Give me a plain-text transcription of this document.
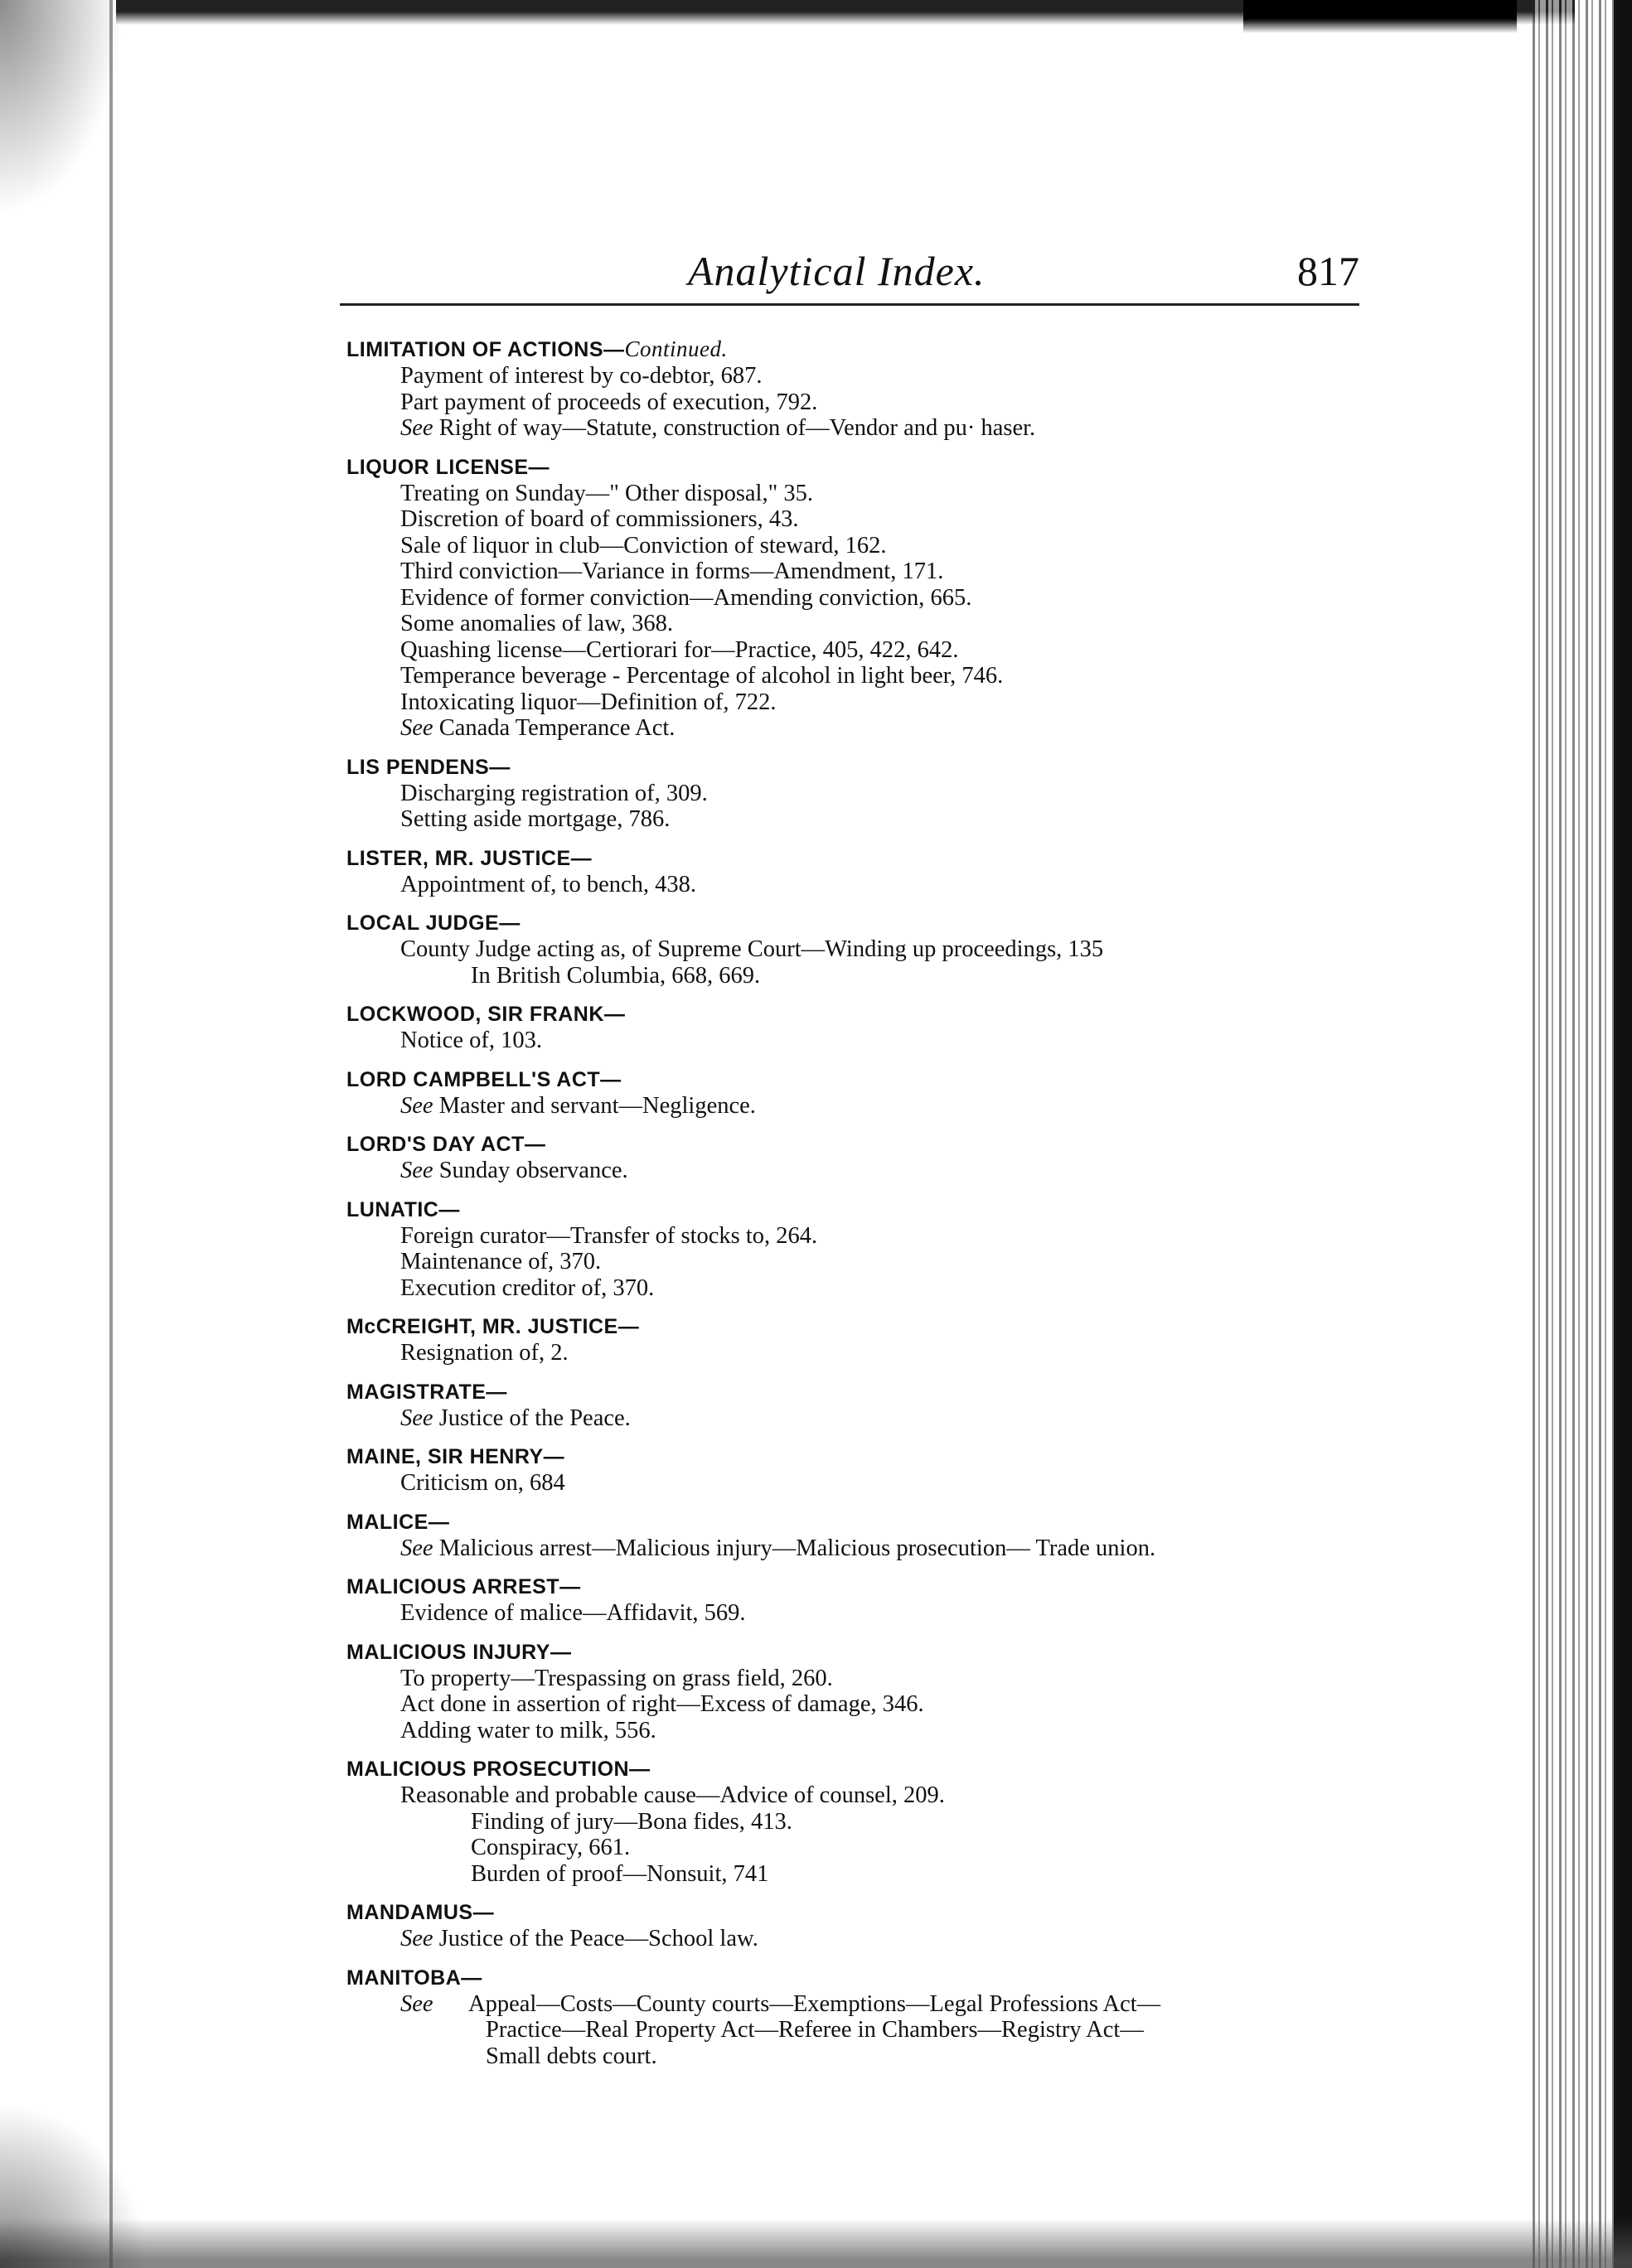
Analytical Index.	817
LIMITATION OF ACTIONS—Continued.
Payment of interest by co-debtor, 687.
Part payment of proceeds of execution, 792.
See Right of way—Statute, construction of—Vendor and pu· haser.
LIQUOR LICENSE—
Treating on Sunday—" Other disposal," 35.
Discretion of board of commissioners, 43.
Sale of liquor in club—Conviction of steward, 162.
Third conviction—Variance in forms—Amendment, 171.
Evidence of former conviction—Amending conviction, 665.
Some anomalies of law, 368.
Quashing license—Certiorari for—Practice, 405, 422, 642.
Temperance beverage - Percentage of alcohol in light beer, 746.
Intoxicating liquor—Definition of, 722.
See Canada Temperance Act.
LIS PENDENS—
Discharging registration of, 309.
Setting aside mortgage, 786.
LISTER, MR. JUSTICE—
Appointment of, to bench, 438.
LOCAL JUDGE—
County Judge acting as, of Supreme Court—Winding up proceedings, 135
In British Columbia, 668, 669.
LOCKWOOD, SIR FRANK—
Notice of, 103.
LORD CAMPBELL'S ACT—
See Master and servant—Negligence.
LORD'S DAY ACT—
See Sunday observance.
LUNATIC—
Foreign curator—Transfer of stocks to, 264.
Maintenance of, 370.
Execution creditor of, 370.
McCREIGHT, MR. JUSTICE—
Resignation of, 2.
MAGISTRATE—
See Justice of the Peace.
MAINE, SIR HENRY—
Criticism on, 684
MALICE—
See Malicious arrest—Malicious injury—Malicious prosecution— Trade union.
MALICIOUS ARREST—
Evidence of malice—Affidavit, 569.
MALICIOUS INJURY—
To property—Trespassing on grass field, 260.
Act done in assertion of right—Excess of damage, 346.
Adding water to milk, 556.
MALICIOUS PROSECUTION—
Reasonable and probable cause—Advice of counsel, 209.
Finding of jury—Bona fides, 413.
Conspiracy, 661.
Burden of proof—Nonsuit, 741
MANDAMUS—
See Justice of the Peace—School law.
MANITOBA—
See Appeal—Costs—County courts—Exemptions—Legal Professions Act—
Practice—Real Property Act—Referee in Chambers—Registry Act—
Small debts court.
